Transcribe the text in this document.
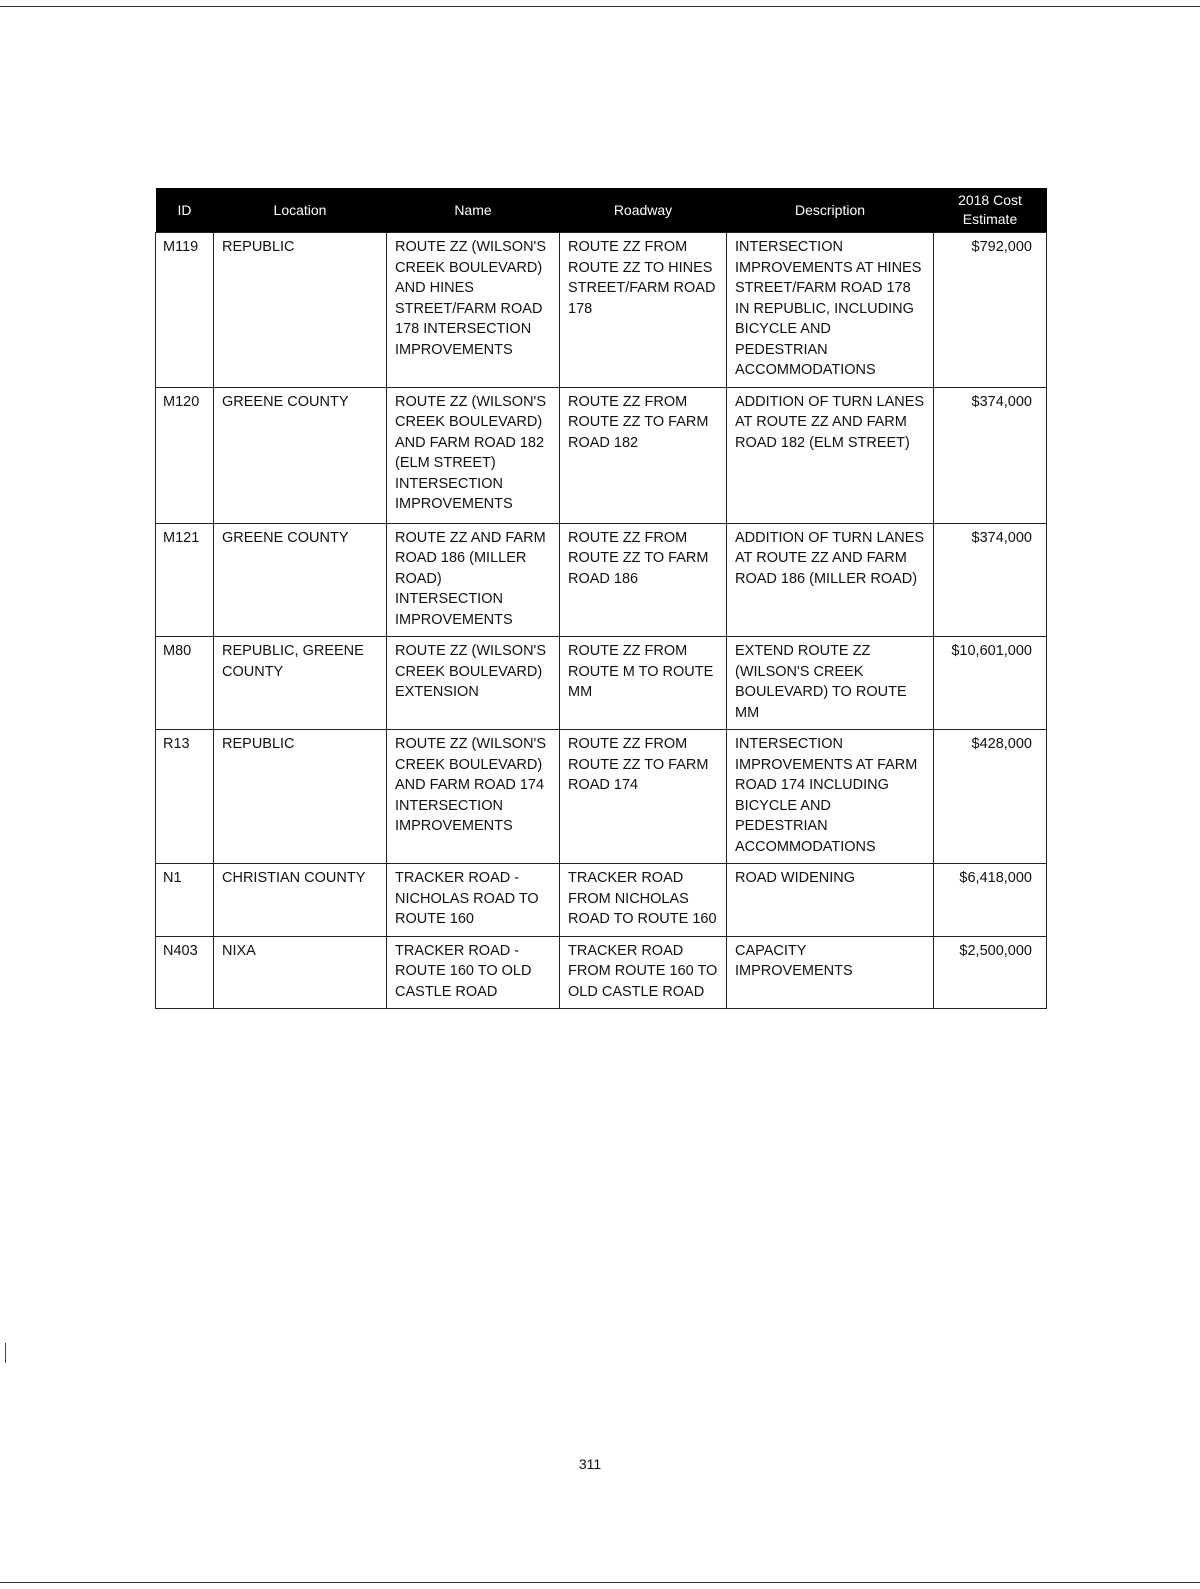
ID	Location	Name	Roadway	Description	2018 Cost Estimate
M119	REPUBLIC	ROUTE ZZ (WILSON'S CREEK BOULEVARD) AND HINES STREET/FARM ROAD 178 INTERSECTION IMPROVEMENTS	ROUTE ZZ FROM ROUTE ZZ TO HINES STREET/FARM ROAD 178	INTERSECTION IMPROVEMENTS AT HINES STREET/FARM ROAD 178 IN REPUBLIC, INCLUDING BICYCLE AND PEDESTRIAN ACCOMMODATIONS	$792,000
M120	GREENE COUNTY	ROUTE ZZ (WILSON'S CREEK BOULEVARD) AND FARM ROAD 182 (ELM STREET) INTERSECTION IMPROVEMENTS	ROUTE ZZ FROM ROUTE ZZ TO FARM ROAD 182	ADDITION OF TURN LANES AT ROUTE ZZ AND FARM ROAD 182 (ELM STREET)	$374,000
M121	GREENE COUNTY	ROUTE ZZ AND FARM ROAD 186 (MILLER ROAD) INTERSECTION IMPROVEMENTS	ROUTE ZZ FROM ROUTE ZZ TO FARM ROAD 186	ADDITION OF TURN LANES AT ROUTE ZZ AND FARM ROAD 186 (MILLER ROAD)	$374,000
M80	REPUBLIC, GREENE COUNTY	ROUTE ZZ (WILSON'S CREEK BOULEVARD) EXTENSION	ROUTE ZZ FROM ROUTE M TO ROUTE MM	EXTEND ROUTE ZZ (WILSON'S CREEK BOULEVARD) TO ROUTE MM	$10,601,000
R13	REPUBLIC	ROUTE ZZ (WILSON'S CREEK BOULEVARD) AND FARM ROAD 174 INTERSECTION IMPROVEMENTS	ROUTE ZZ FROM ROUTE ZZ TO FARM ROAD 174	INTERSECTION IMPROVEMENTS AT FARM ROAD 174 INCLUDING BICYCLE AND PEDESTRIAN ACCOMMODATIONS	$428,000
N1	CHRISTIAN COUNTY	TRACKER ROAD - NICHOLAS ROAD TO ROUTE 160	TRACKER ROAD FROM NICHOLAS ROAD TO ROUTE 160	ROAD WIDENING	$6,418,000
N403	NIXA	TRACKER ROAD - ROUTE 160 TO OLD CASTLE ROAD	TRACKER ROAD FROM ROUTE 160 TO OLD CASTLE ROAD	CAPACITY IMPROVEMENTS	$2,500,000
311
